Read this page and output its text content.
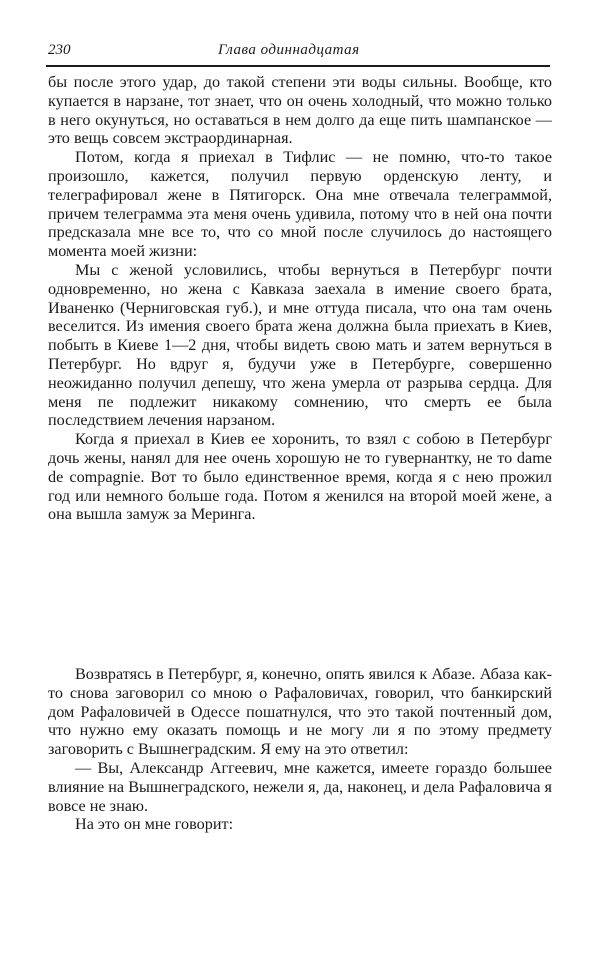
230	Глава одиннадцатая

бы после этого удар, до такой степени эти воды сильны. Вообще, кто купается в нарзане, тот знает, что он очень холодный, что можно только в него окунуться, но оставаться в нем долго да еще пить шампанское — это вещь совсем экстраординарная.

Потом, когда я приехал в Тифлис — не помню, что-то такое произошло, кажется, получил первую орденскую ленту, и телеграфировал жене в Пятигорск. Она мне отвечала телеграммой, причем телеграмма эта меня очень удивила, потому что в ней она почти предсказала мне все то, что со мной после случилось до настоящего момента моей жизни:

Мы с женой условились, чтобы вернуться в Петербург почти одновременно, но жена с Кавказа заехала в имение своего брата, Иваненко (Черниговская губ.), и мне оттуда писала, что она там очень веселится. Из имения своего брата жена должна была приехать в Киев, побыть в Киеве 1—2 дня, чтобы видеть свою мать и затем вернуться в Петербург. Но вдруг я, будучи уже в Петербурге, совершенно неожиданно получил депешу, что жена умерла от разрыва сердца. Для меня пе подлежит никакому сомнению, что смерть ее была последствием лечения нарзаном.

Когда я приехал в Киев ее хоронить, то взял с собою в Петербург дочь жены, нанял для нее очень хорошую не то гувернантку, не то dame de compagnie. Вот то было единственное время, когда я с нею прожил год или немного больше года. Потом я женился на второй моей жене, а она вышла замуж за Меринга.

Возвратясь в Петербург, я, конечно, опять явился к Абазе. Абаза как-то снова заговорил со мною о Рафаловичах, говорил, что банкирский дом Рафаловичей в Одессе пошатнулся, что это такой почтенный дом, что нужно ему оказать помощь и не могу ли я по этому предмету заговорить с Вышнеградским. Я ему на это ответил:

— Вы, Александр Аггеевич, мне кажется, имеете гораздо большее влияние на Вышнеградского, нежели я, да, наконец, и дела Рафаловича я вовсе не знаю.

На это он мне говорит:
